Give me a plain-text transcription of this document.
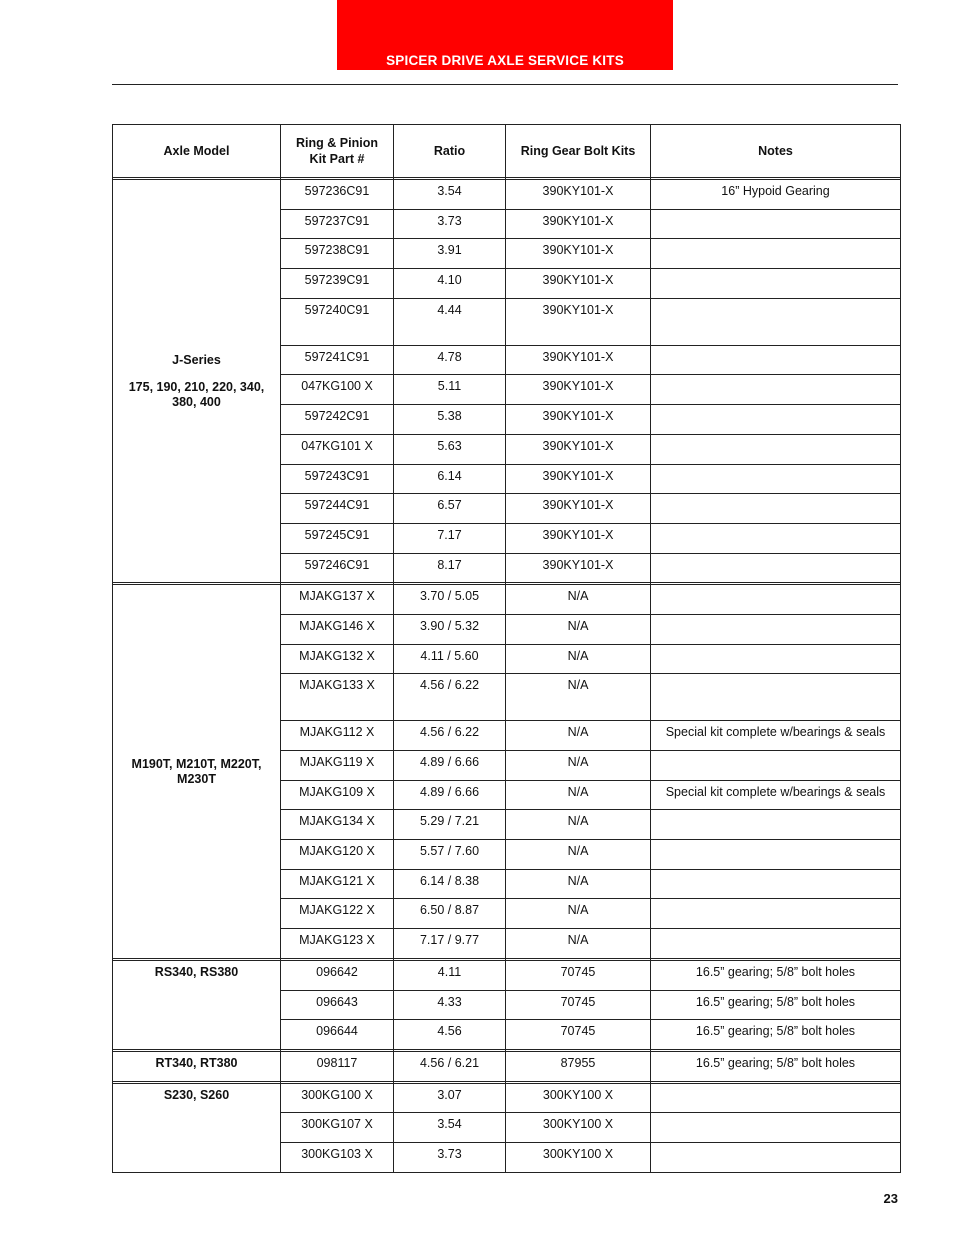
SPICER DRIVE AXLE SERVICE KITS
Axle Model	Ring & Pinion Kit Part #	Ratio	Ring Gear Bolt Kits	Notes

J-Series
175, 190, 210, 220, 340, 380, 400	597236C91	3.54	390KY101-X	16” Hypoid Gearing
	597237C91	3.73	390KY101-X	
	597238C91	3.91	390KY101-X	
	597239C91	4.10	390KY101-X	
	597240C91	4.44	390KY101-X	
	597241C91	4.78	390KY101-X	
	047KG100 X	5.11	390KY101-X	
	597242C91	5.38	390KY101-X	
	047KG101 X	5.63	390KY101-X	
	597243C91	6.14	390KY101-X	
	597244C91	6.57	390KY101-X	
	597245C91	7.17	390KY101-X	
	597246C91	8.17	390KY101-X	

M190T, M210T, M220T, M230T	MJAKG137 X	3.70 / 5.05	N/A	
	MJAKG146 X	3.90 / 5.32	N/A	
	MJAKG132 X	4.11 / 5.60	N/A	
	MJAKG133 X	4.56 / 6.22	N/A	
	MJAKG112 X	4.56 / 6.22	N/A	Special kit complete w/bearings & seals
	MJAKG119 X	4.89 / 6.66	N/A	
	MJAKG109 X	4.89 / 6.66	N/A	Special kit complete w/bearings & seals
	MJAKG134 X	5.29 / 7.21	N/A	
	MJAKG120 X	5.57 / 7.60	N/A	
	MJAKG121 X	6.14 / 8.38	N/A	
	MJAKG122 X	6.50 / 8.87	N/A	
	MJAKG123 X	7.17 / 9.77	N/A	

RS340, RS380	096642	4.11	70745	16.5” gearing; 5/8” bolt holes
	096643	4.33	70745	16.5” gearing; 5/8” bolt holes
	096644	4.56	70745	16.5” gearing; 5/8” bolt holes

RT340, RT380	098117	4.56 / 6.21	87955	16.5” gearing; 5/8” bolt holes

S230, S260	300KG100 X	3.07	300KY100 X	
	300KG107 X	3.54	300KY100 X	
	300KG103 X	3.73	300KY100 X	
23
